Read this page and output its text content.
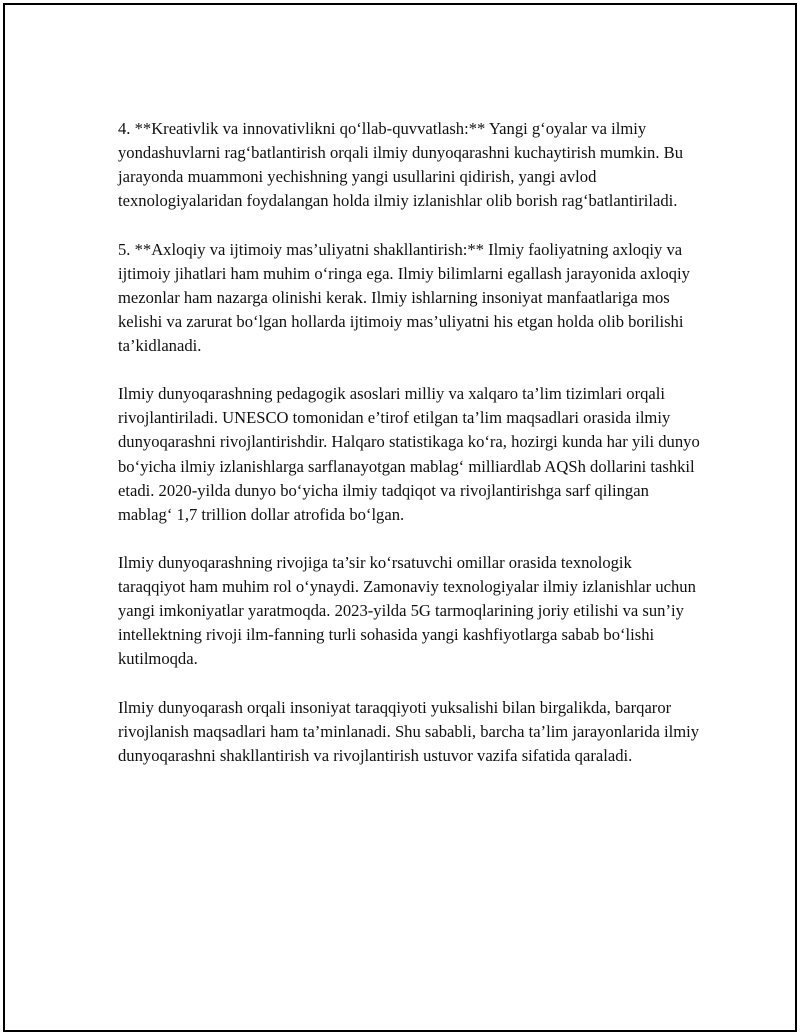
4. **Kreativlik va innovativlikni qo‘llab-quvvatlash:** Yangi g‘oyalar va ilmiy yondashuvlarni rag‘batlantirish orqali ilmiy dunyoqarashni kuchaytirish mumkin. Bu jarayonda muammoni yechishning yangi usullarini qidirish, yangi avlod texnologiyalaridan foydalangan holda ilmiy izlanishlar olib borish rag‘batlantiriladi.

5. **Axloqiy va ijtimoiy mas’uliyatni shakllantirish:** Ilmiy faoliyatning axloqiy va ijtimoiy jihatlari ham muhim o‘ringa ega. Ilmiy bilimlarni egallash jarayonida axloqiy mezonlar ham nazarga olinishi kerak. Ilmiy ishlarning insoniyat manfaatlariga mos kelishi va zarurat bo‘lgan hollarda ijtimoiy mas’uliyatni his etgan holda olib borilishi ta’kidlanadi.

Ilmiy dunyoqarashning pedagogik asoslari milliy va xalqaro ta’lim tizimlari orqali rivojlantiriladi. UNESCO tomonidan e’tirof etilgan ta’lim maqsadlari orasida ilmiy dunyoqarashni rivojlantirishdir. Halqaro statistikaga ko‘ra, hozirgi kunda har yili dunyo bo‘yicha ilmiy izlanishlarga sarflanayotgan mablag‘ milliardlab AQSh dollarini tashkil etadi. 2020-yilda dunyo bo‘yicha ilmiy tadqiqot va rivojlantirishga sarf qilingan mablag‘ 1,7 trillion dollar atrofida bo‘lgan.

Ilmiy dunyoqarashning rivojiga ta’sir ko‘rsatuvchi omillar orasida texnologik taraqqiyot ham muhim rol o‘ynaydi. Zamonaviy texnologiyalar ilmiy izlanishlar uchun yangi imkoniyatlar yaratmoqda. 2023-yilda 5G tarmoqlarining joriy etilishi va sun’iy intellektning rivoji ilm-fanning turli sohasida yangi kashfiyotlarga sabab bo‘lishi kutilmoqda.

Ilmiy dunyoqarash orqali insoniyat taraqqiyoti yuksalishi bilan birgalikda, barqaror rivojlanish maqsadlari ham ta’minlanadi. Shu sababli, barcha ta’lim jarayonlarida ilmiy dunyoqarashni shakllantirish va rivojlantirish ustuvor vazifa sifatida qaraladi.
